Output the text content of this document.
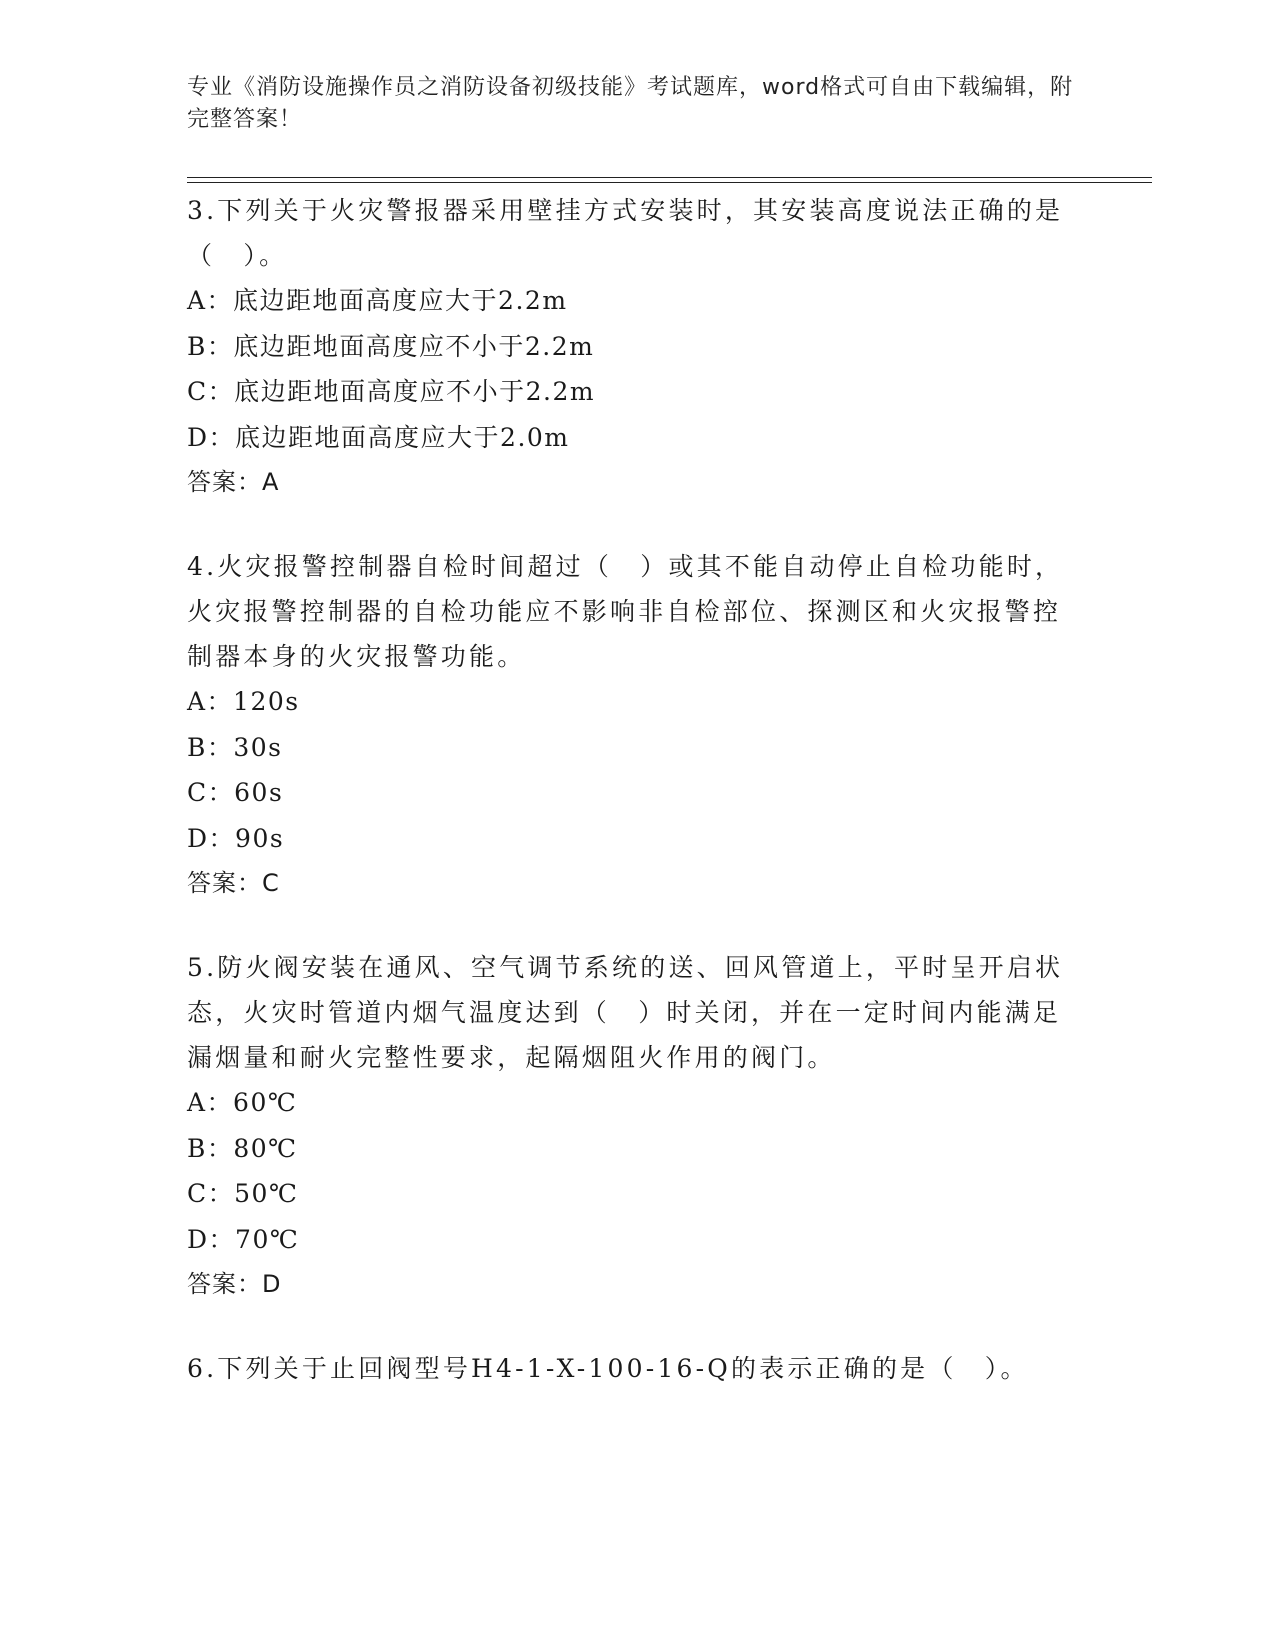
专业《消防设施操作员之消防设备初级技能》考试题库，word格式可自由下载编辑，附完整答案！
3.下列关于火灾警报器采用壁挂方式安装时，其安装高度说法正确的是（　）。
A：底边距地面高度应大于2.2m
B：底边距地面高度应不小于2.2m
C：底边距地面高度应不小于2.2m
D：底边距地面高度应大于2.0m
答案：A
4.火灾报警控制器自检时间超过（　）或其不能自动停止自检功能时，火灾报警控制器的自检功能应不影响非自检部位、探测区和火灾报警控制器本身的火灾报警功能。
A：120s
B：30s
C：60s
D：90s
答案：C
5.防火阀安装在通风、空气调节系统的送、回风管道上，平时呈开启状态，火灾时管道内烟气温度达到（　）时关闭，并在一定时间内能满足漏烟量和耐火完整性要求，起隔烟阻火作用的阀门。
A：60℃
B：80℃
C：50℃
D：70℃
答案：D
6.下列关于止回阀型号H4-1-X-100-16-Q的表示正确的是（　）。
